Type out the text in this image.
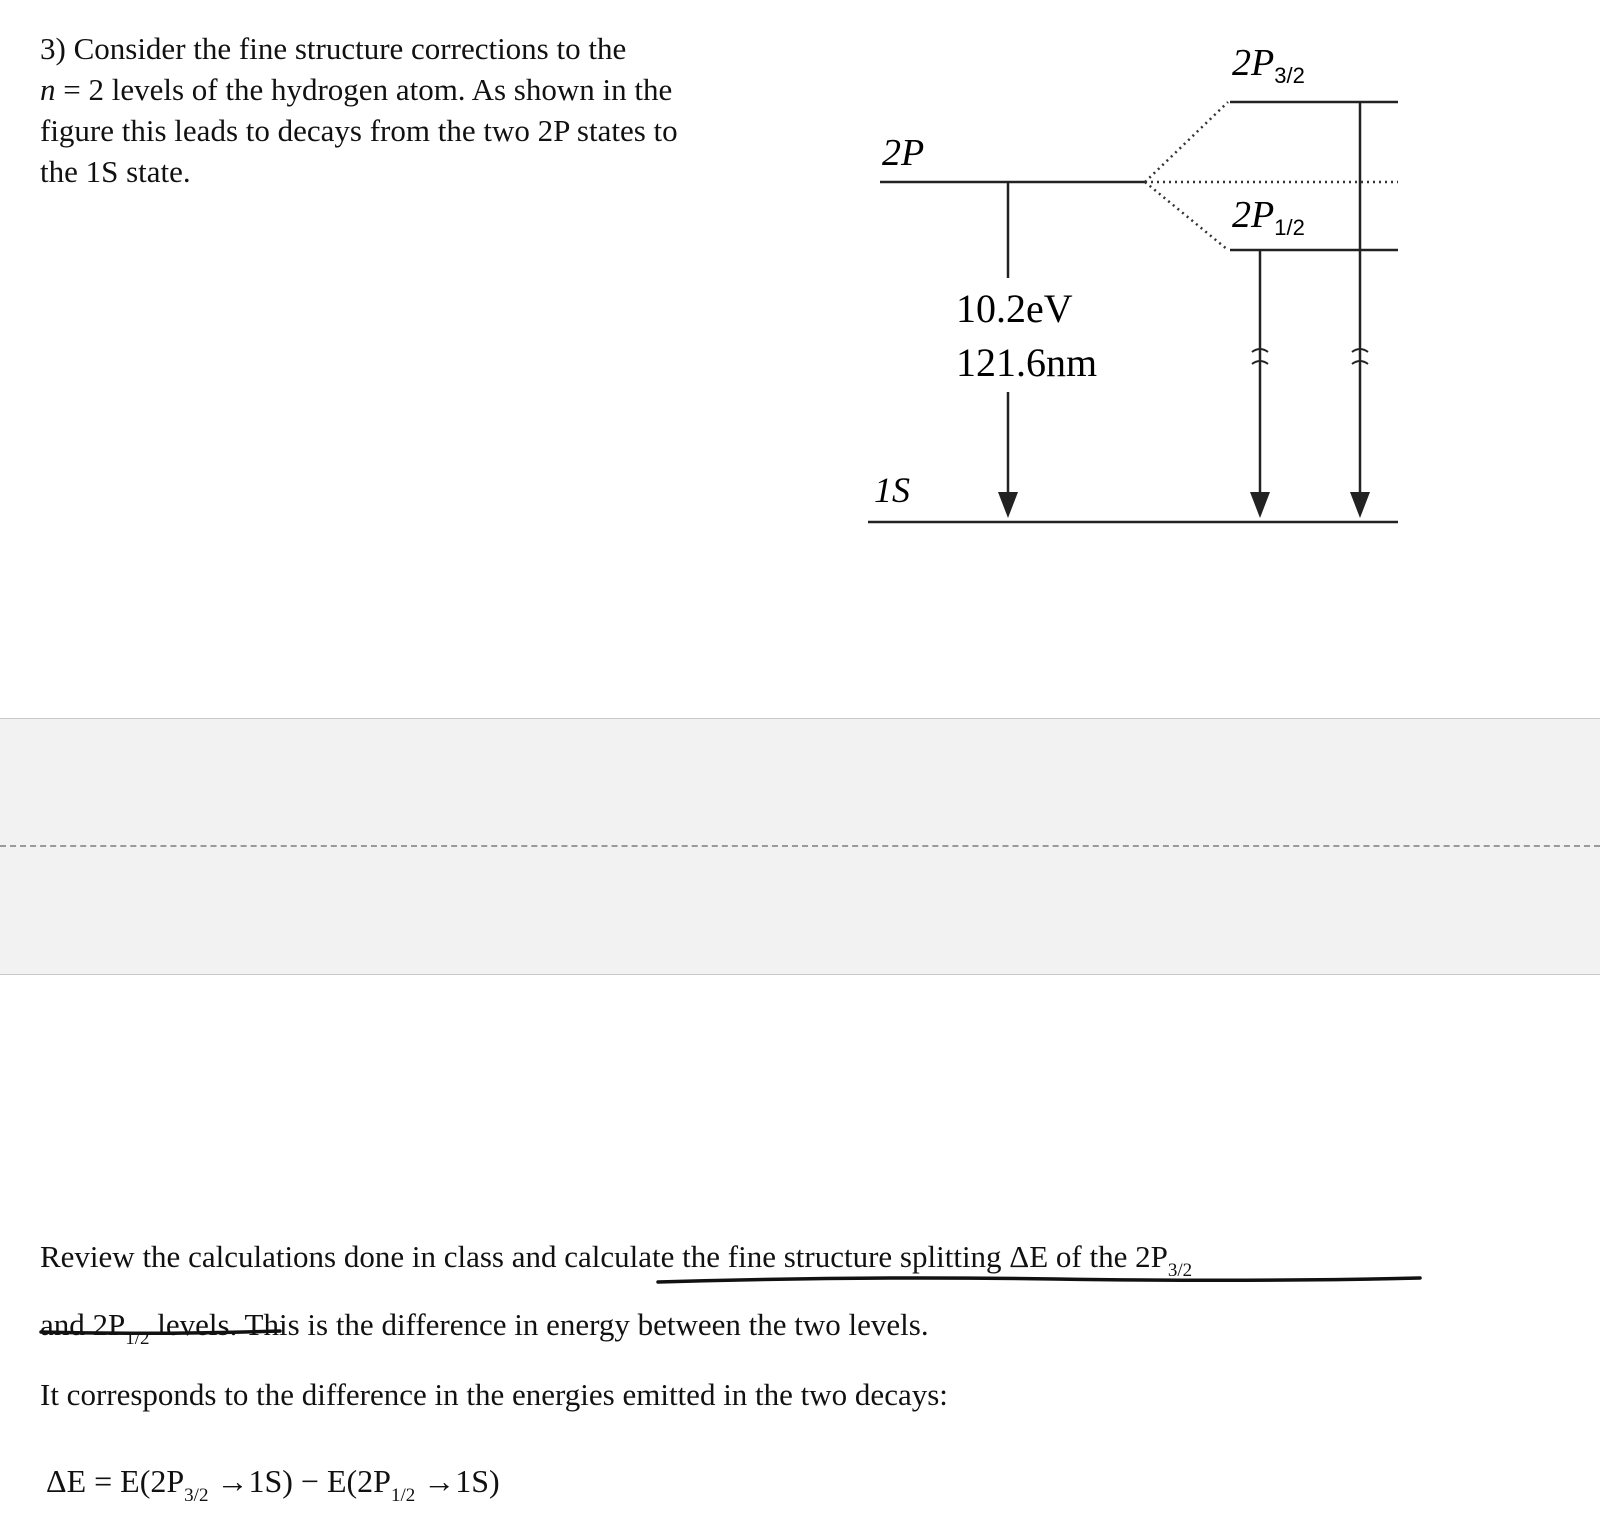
3) Consider the fine structure corrections to the

n = 2 levels of the hydrogen atom. As shown in the

figure this leads to decays from the two 2P states to

the 1S state.	2P
1S
$2P_{3/2}$
$2P_{1/2}$
10.2eV
121.6nm

Review the calculations done in class and calculate the fine structure splitting ΔE of the $2P_{3/2}$

and $2P_{1/2}$ levels. This is the difference in energy between the two levels.

It corresponds to the difference in the energies emitted in the two decays:
$\Delta E = E(2P_{3/2} \to 1S) - E(2P_{1/2} \to 1S)$
